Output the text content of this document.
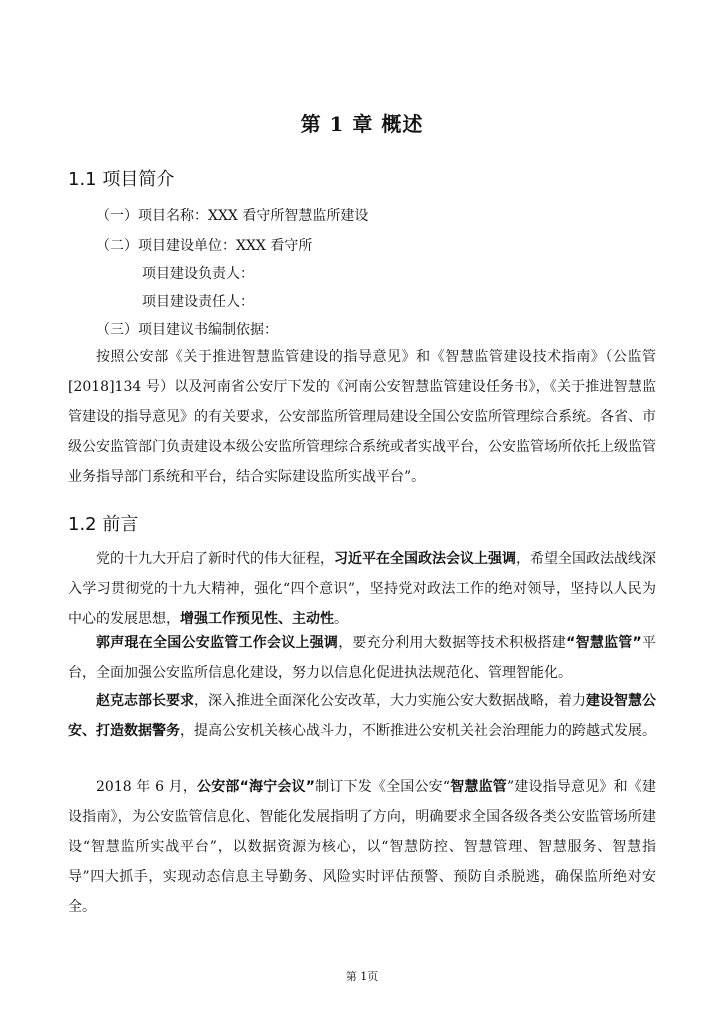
第 1 章 概述
1.1 项目简介
（一）项目名称：XXX 看守所智慧监所建设
（二）项目建设单位：XXX 看守所
项目建设负责人：
项目建设责任人：
（三）项目建议书编制依据：
按照公安部《关于推进智慧监管建设的指导意见》和《智慧监管建设技术指南》（公监管[2018]134 号）以及河南省公安厅下发的《河南公安智慧监管建设任务书》，《关于推进智慧监管建设的指导意见》的有关要求，公安部监所管理局建设全国公安监所管理综合系统。各省、市级公安监管部门负责建设本级公安监所管理综合系统或者实战平台，公安监管场所依托上级监管业务指导部门系统和平台，结合实际建设监所实战平台”。
1.2 前言
党的十九大开启了新时代的伟大征程，习近平在全国政法会议上强调，希望全国政法战线深入学习贯彻党的十九大精神，强化“四个意识”，坚持党对政法工作的绝对领导，坚持以人民为中心的发展思想，增强工作预见性、主动性。
郭声琨在全国公安监管工作会议上强调，要充分利用大数据等技术积极搭建“智慧监管”平台，全面加强公安监所信息化建设，努力以信息化促进执法规范化、管理智能化。
赵克志部长要求，深入推进全面深化公安改革，大力实施公安大数据战略，着力建设智慧公安、打造数据警务，提高公安机关核心战斗力，不断推进公安机关社会治理能力的跨越式发展。
2018 年 6 月，公安部“海宁会议”制订下发《全国公安“智慧监管”建设指导意见》和《建设指南》，为公安监管信息化、智能化发展指明了方向，明确要求全国各级各类公安监管场所建设“智慧监所实战平台”，以数据资源为核心，以“智慧防控、智慧管理、智慧服务、智慧指导”四大抓手，实现动态信息主导勤务、风险实时评估预警、预防自杀脱逃，确保监所绝对安全。
第 1页
